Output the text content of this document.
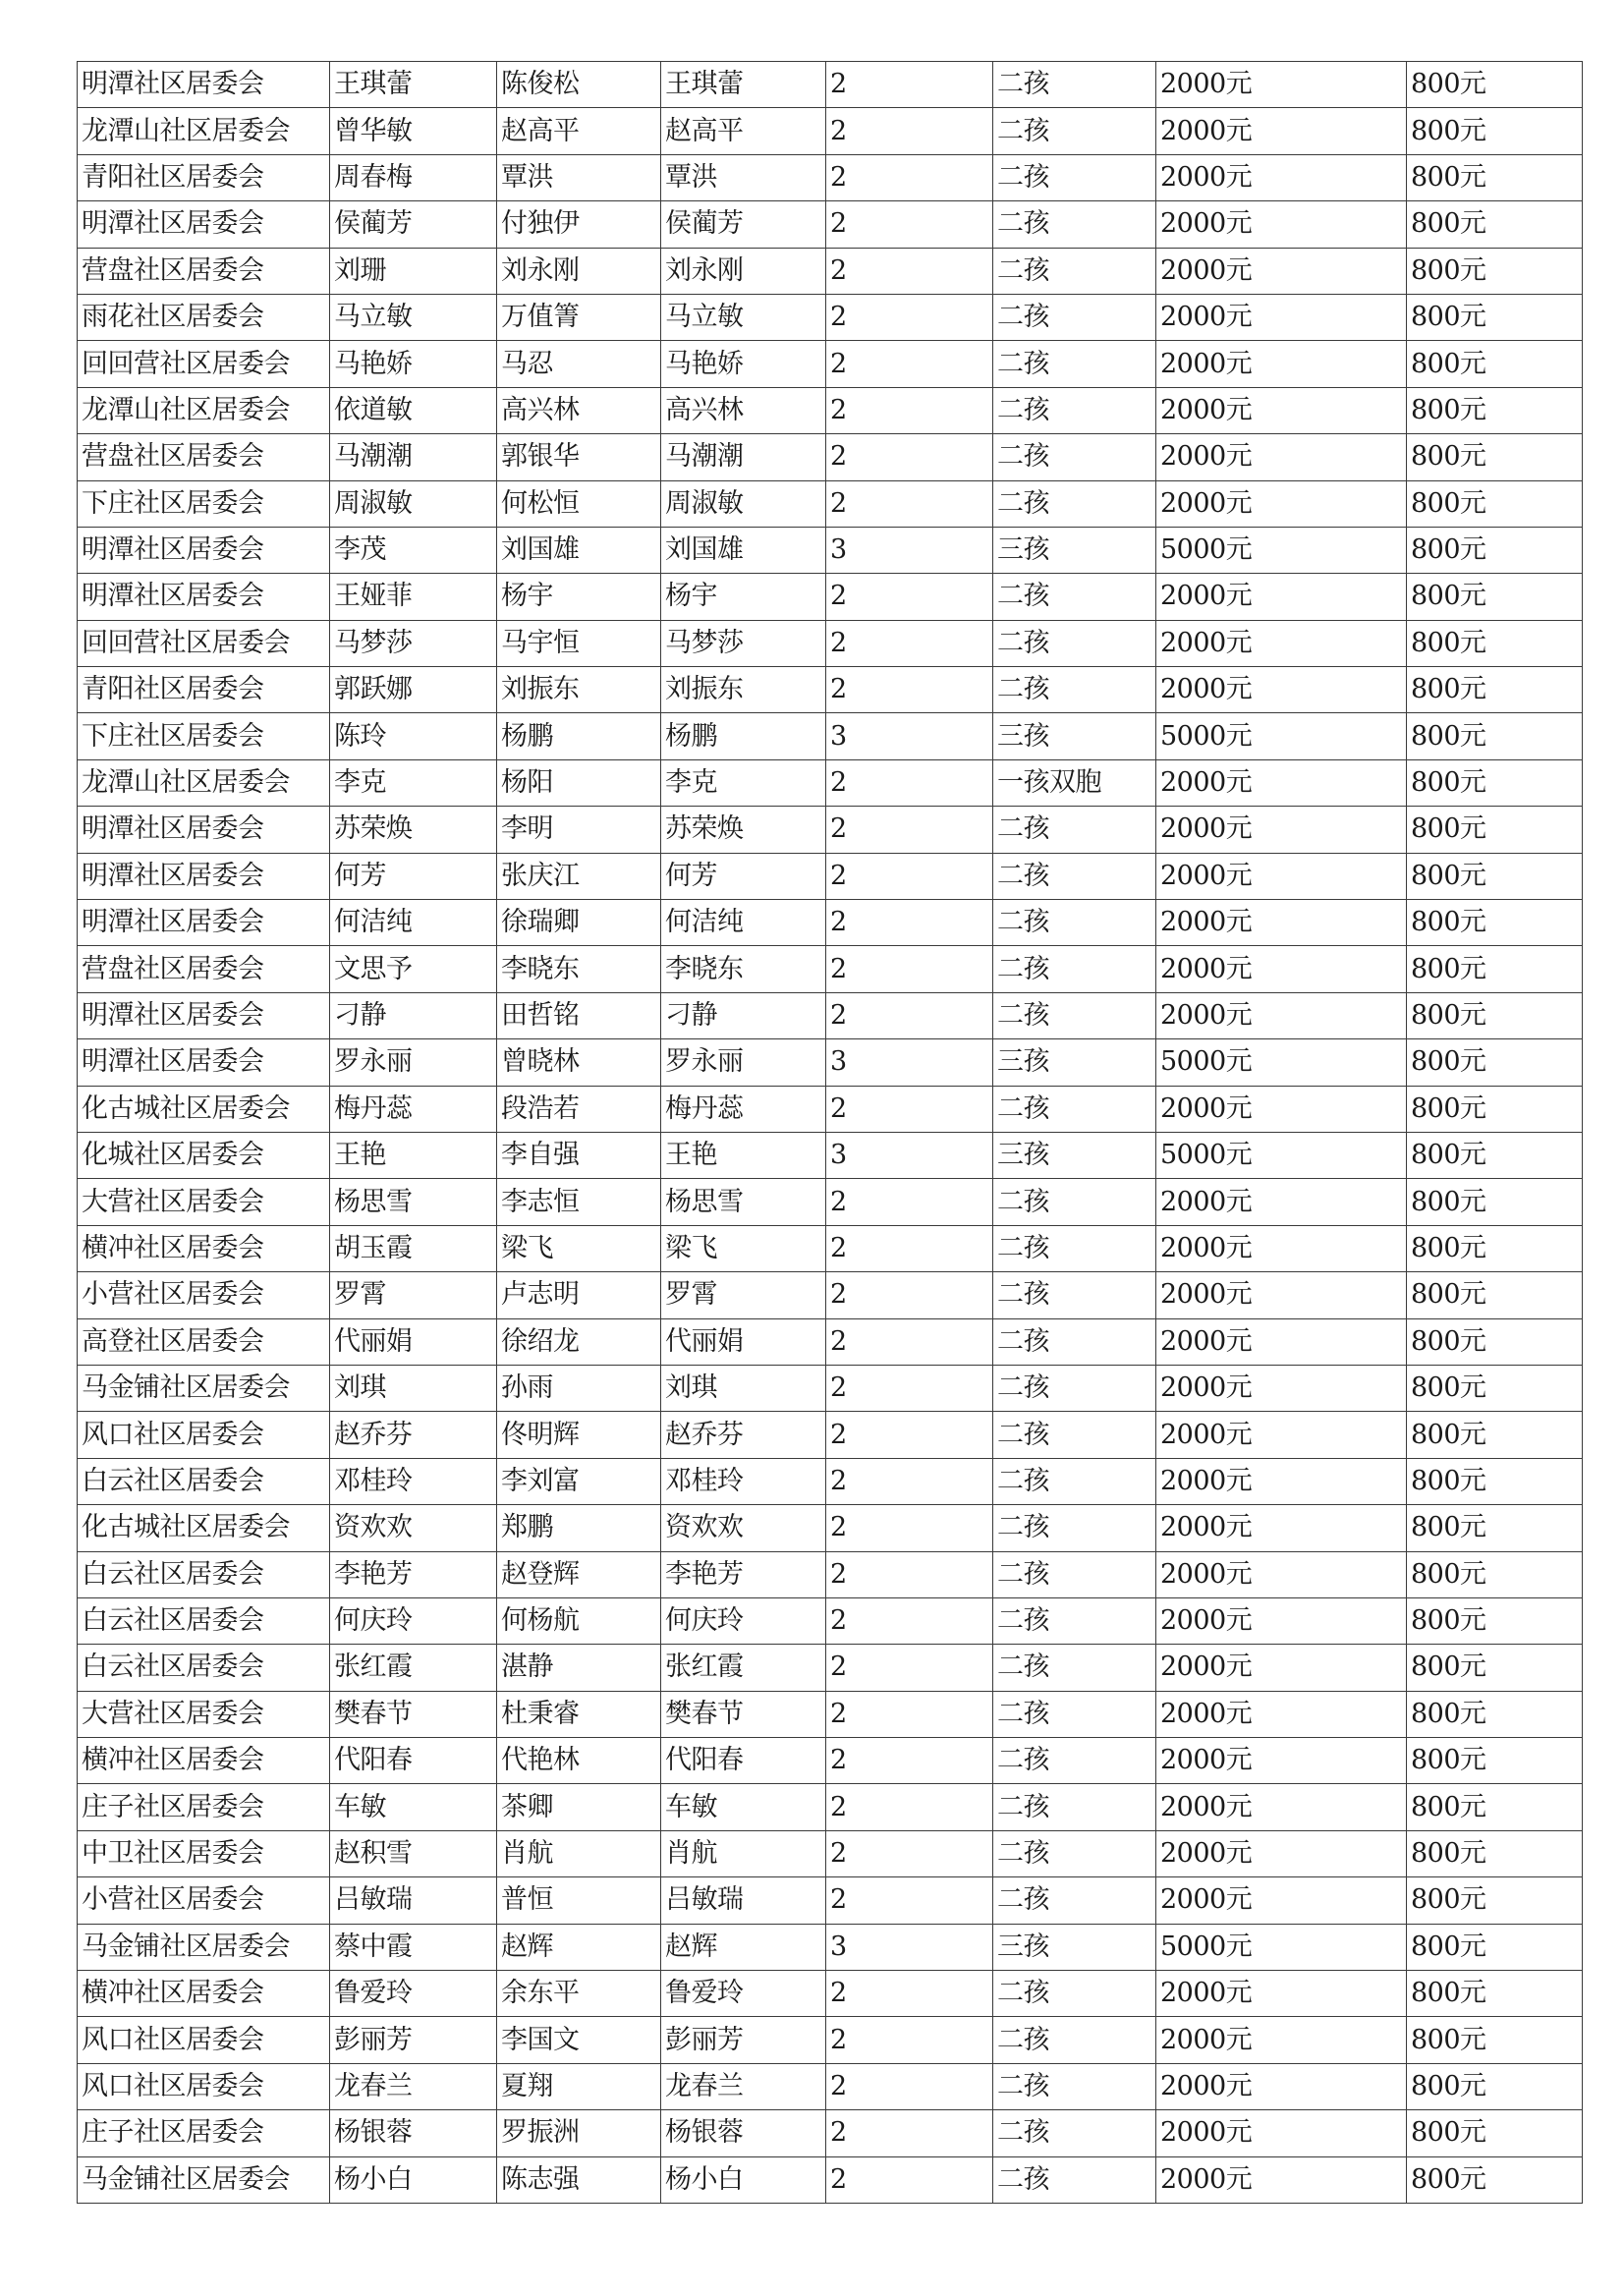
明潭社区居委会	王琪蕾	陈俊松	王琪蕾	2	二孩	2000元	800元
龙潭山社区居委会	曾华敏	赵高平	赵高平	2	二孩	2000元	800元
青阳社区居委会	周春梅	覃洪	覃洪	2	二孩	2000元	800元
明潭社区居委会	侯蔺芳	付独伊	侯蔺芳	2	二孩	2000元	800元
营盘社区居委会	刘珊	刘永刚	刘永刚	2	二孩	2000元	800元
雨花社区居委会	马立敏	万值箐	马立敏	2	二孩	2000元	800元
回回营社区居委会	马艳娇	马忍	马艳娇	2	二孩	2000元	800元
龙潭山社区居委会	依道敏	高兴林	高兴林	2	二孩	2000元	800元
营盘社区居委会	马潮潮	郭银华	马潮潮	2	二孩	2000元	800元
下庄社区居委会	周淑敏	何松恒	周淑敏	2	二孩	2000元	800元
明潭社区居委会	李茂	刘国雄	刘国雄	3	三孩	5000元	800元
明潭社区居委会	王娅菲	杨宇	杨宇	2	二孩	2000元	800元
回回营社区居委会	马梦莎	马宇恒	马梦莎	2	二孩	2000元	800元
青阳社区居委会	郭跃娜	刘振东	刘振东	2	二孩	2000元	800元
下庄社区居委会	陈玲	杨鹏	杨鹏	3	三孩	5000元	800元
龙潭山社区居委会	李克	杨阳	李克	2	一孩双胞	2000元	800元
明潭社区居委会	苏荣焕	李明	苏荣焕	2	二孩	2000元	800元
明潭社区居委会	何芳	张庆江	何芳	2	二孩	2000元	800元
明潭社区居委会	何洁纯	徐瑞卿	何洁纯	2	二孩	2000元	800元
营盘社区居委会	文思予	李晓东	李晓东	2	二孩	2000元	800元
明潭社区居委会	刁静	田哲铭	刁静	2	二孩	2000元	800元
明潭社区居委会	罗永丽	曾晓林	罗永丽	3	三孩	5000元	800元
化古城社区居委会	梅丹蕊	段浩若	梅丹蕊	2	二孩	2000元	800元
化城社区居委会	王艳	李自强	王艳	3	三孩	5000元	800元
大营社区居委会	杨思雪	李志恒	杨思雪	2	二孩	2000元	800元
横冲社区居委会	胡玉霞	梁飞	梁飞	2	二孩	2000元	800元
小营社区居委会	罗霄	卢志明	罗霄	2	二孩	2000元	800元
高登社区居委会	代丽娟	徐绍龙	代丽娟	2	二孩	2000元	800元
马金铺社区居委会	刘琪	孙雨	刘琪	2	二孩	2000元	800元
风口社区居委会	赵乔芬	佟明辉	赵乔芬	2	二孩	2000元	800元
白云社区居委会	邓桂玲	李刘富	邓桂玲	2	二孩	2000元	800元
化古城社区居委会	资欢欢	郑鹏	资欢欢	2	二孩	2000元	800元
白云社区居委会	李艳芳	赵登辉	李艳芳	2	二孩	2000元	800元
白云社区居委会	何庆玲	何杨航	何庆玲	2	二孩	2000元	800元
白云社区居委会	张红霞	湛静	张红霞	2	二孩	2000元	800元
大营社区居委会	樊春节	杜秉睿	樊春节	2	二孩	2000元	800元
横冲社区居委会	代阳春	代艳林	代阳春	2	二孩	2000元	800元
庄子社区居委会	车敏	茶卿	车敏	2	二孩	2000元	800元
中卫社区居委会	赵积雪	肖航	肖航	2	二孩	2000元	800元
小营社区居委会	吕敏瑞	普恒	吕敏瑞	2	二孩	2000元	800元
马金铺社区居委会	蔡中霞	赵辉	赵辉	3	三孩	5000元	800元
横冲社区居委会	鲁爱玲	余东平	鲁爱玲	2	二孩	2000元	800元
风口社区居委会	彭丽芳	李国文	彭丽芳	2	二孩	2000元	800元
风口社区居委会	龙春兰	夏翔	龙春兰	2	二孩	2000元	800元
庄子社区居委会	杨银蓉	罗振洲	杨银蓉	2	二孩	2000元	800元
马金铺社区居委会	杨小白	陈志强	杨小白	2	二孩	2000元	800元
